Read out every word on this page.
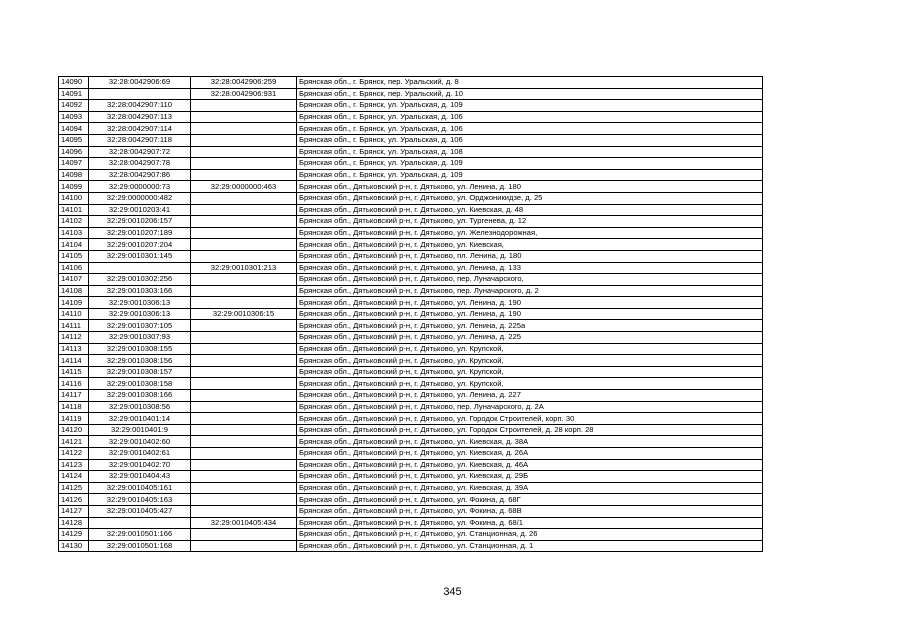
14090	32:28:0042906:69	32:28:0042906:259	Брянская обл., г. Брянск, пер. Уральский, д. 8
14091		32:28:0042906:931	Брянская обл., г. Брянск, пер. Уральский, д. 10
14092	32:28:0042907:110		Брянская обл., г. Брянск, ул. Уральская, д. 109
14093	32:28:0042907:113		Брянская обл., г. Брянск, ул. Уральская, д. 106
14094	32:28:0042907:114		Брянская обл., г. Брянск, ул. Уральская, д. 106
14095	32:28:0042907:118		Брянская обл., г. Брянск, ул. Уральская, д. 106
14096	32:28:0042907:72		Брянская обл., г. Брянск, ул. Уральская, д. 108
14097	32:28:0042907:78		Брянская обл., г. Брянск, ул. Уральская, д. 109
14098	32:28:0042907:86		Брянская обл., г. Брянск, ул. Уральская, д. 109
14099	32:29:0000000:73	32:29:0000000:463	Брянская обл., Дятьковский р-н, г. Дятьково, ул. Ленина, д. 180
14100	32:29:0000000:482		Брянская обл., Дятьковский р-н, г. Дятьково, ул. Орджоникидзе, д. 25
14101	32:29:0010203:41		Брянская обл., Дятьковский р-н, г. Дятьково, ул. Киевская, д. 48
14102	32:29:0010206:157		Брянская обл., Дятьковский р-н, г. Дятьково, ул. Тургенева, д. 12
14103	32:29:0010207:189		Брянская обл., Дятьковский р-н, г. Дятьково, ул. Железнодорожная,
14104	32:29:0010207:204		Брянская обл., Дятьковский р-н, г. Дятьково, ул. Киевская,
14105	32:29:0010301:145		Брянская обл., Дятьковский р-н, г. Дятьково, пл. Ленина, д. 180
14106		32:29:0010301:213	Брянская обл., Дятьковский р-н, г. Дятьково, ул. Ленина, д. 133
14107	32:29:0010302:256		Брянская обл., Дятьковский р-н, г. Дятьково, пер. Луначарского,
14108	32:29:0010303:166		Брянская обл., Дятьковский р-н, г. Дятьково, пер. Луначарского, д. 2
14109	32:29:0010306:13		Брянская обл., Дятьковский р-н, г. Дятьково, ул. Ленина, д. 190
14110	32:29:0010306:13	32:29:0010306:15	Брянская обл., Дятьковский р-н, г. Дятьково, ул. Ленина, д. 190
14111	32:29:0010307:105		Брянская обл., Дятьковский р-н, г. Дятьково, ул. Ленина, д. 225а
14112	32:29:0010307:93		Брянская обл., Дятьковский р-н, г. Дятьково, ул. Ленина, д. 225
14113	32:29:0010308:155		Брянская обл., Дятьковский р-н, г. Дятьково, ул. Крупской,
14114	32:29:0010308:156		Брянская обл., Дятьковский р-н, г. Дятьково, ул. Крупской,
14115	32:29:0010308:157		Брянская обл., Дятьковский р-н, г. Дятьково, ул. Крупской,
14116	32:29:0010308:158		Брянская обл., Дятьковский р-н, г. Дятьково, ул. Крупской,
14117	32:29:0010308:166		Брянская обл., Дятьковский р-н, г. Дятьково, ул. Ленина, д. 227
14118	32:29:0010308:56		Брянская обл., Дятьковский р-н, г. Дятьково, пер. Луначарского, д. 2А
14119	32:29:0010401:14		Брянская обл., Дятьковский р-н, г. Дятьково, ул. Городок Строителей, корп. 30
14120	32:29:0010401:9		Брянская обл., Дятьковский р-н, г. Дятьково, ул. Городок Строителей, д. 28 корп. 28
14121	32:29:0010402:60		Брянская обл., Дятьковский р-н, г. Дятьково, ул. Киевская, д. 38А
14122	32:29:0010402:61		Брянская обл., Дятьковский р-н, г. Дятьково, ул. Киевская, д. 26А
14123	32:29:0010402:70		Брянская обл., Дятьковский р-н, г. Дятьково, ул. Киевская, д. 46А
14124	32:29:0010404:43		Брянская обл., Дятьковский р-н, г. Дятьково, ул. Киевская, д. 29Б
14125	32:29:0010405:161		Брянская обл., Дятьковский р-н, г. Дятьково, ул. Киевская, д. 39А
14126	32:29:0010405:163		Брянская обл., Дятьковский р-н, г. Дятьково, ул. Фокина, д. 68Г
14127	32:29:0010405:427		Брянская обл., Дятьковский р-н, г. Дятьково, ул. Фокина, д. 68В
14128		32:29:0010405:434	Брянская обл., Дятьковский р-н, г. Дятьково, ул. Фокина, д. 68/1
14129	32:29:0010501:166		Брянская обл., Дятьковский р-н, г. Дятьково, ул. Станционная, д. 26
14130	32:29:0010501:168		Брянская обл., Дятьковский р-н, г. Дятьково, ул. Станционная, д. 1
345
